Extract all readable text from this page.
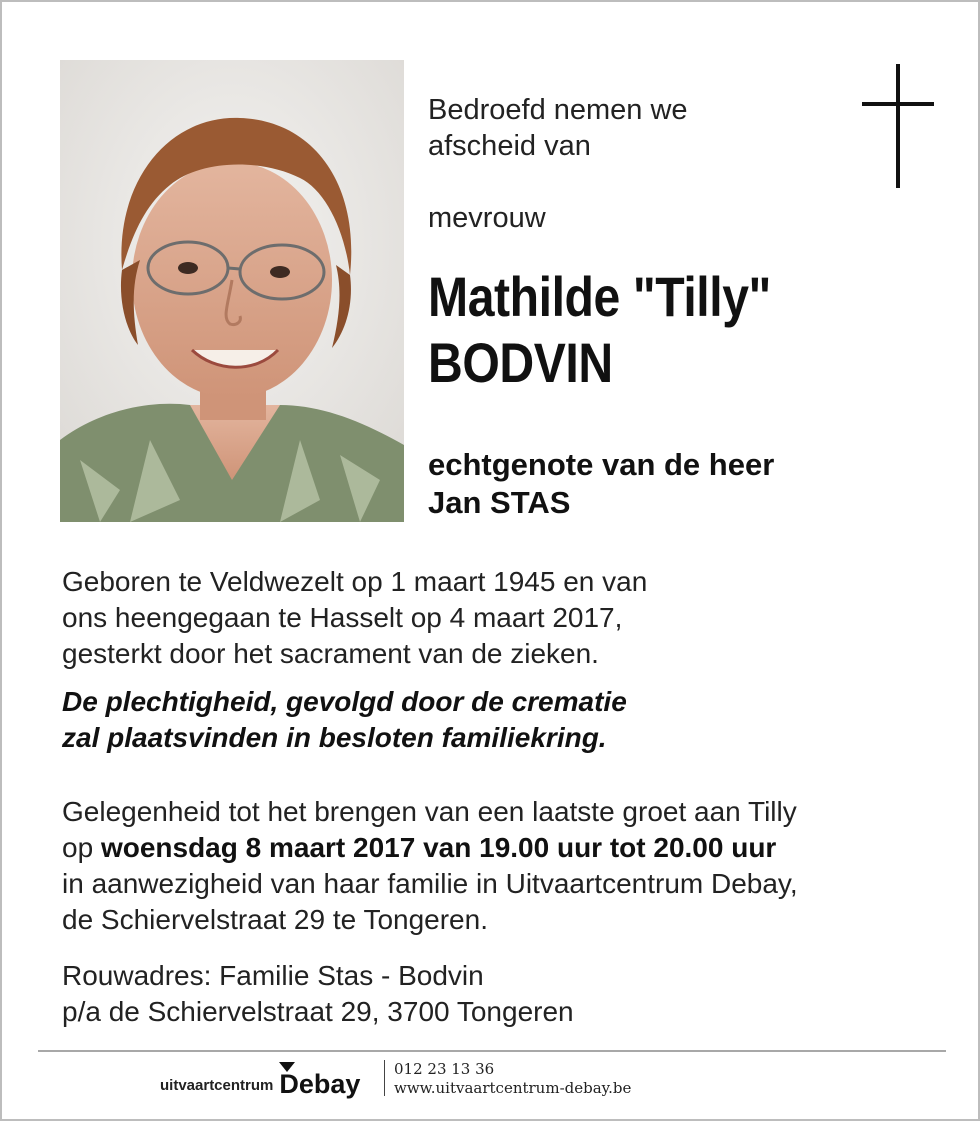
Bedroefd nemen we
afscheid van
mevrouw
Mathilde "Tilly"
BODVIN
echtgenote van de heer
Jan STAS
Geboren te Veldwezelt op 1 maart 1945 en van
ons heengegaan te Hasselt op 4 maart 2017,
gesterkt door het sacrament van de zieken.
De plechtigheid, gevolgd door de crematie
zal plaatsvinden in besloten familiekring.
Gelegenheid tot het brengen van een laatste groet aan Tilly
op woensdag 8 maart 2017 van 19.00 uur tot 20.00 uur
in aanwezigheid van haar familie in Uitvaartcentrum Debay,
de Schiervelstraat 29 te Tongeren.
Rouwadres: Familie Stas - Bodvin
p/a de Schiervelstraat 29, 3700 Tongeren
uitvaartcentrum Debay 012 23 13 36
www.uitvaartcentrum-debay.be
